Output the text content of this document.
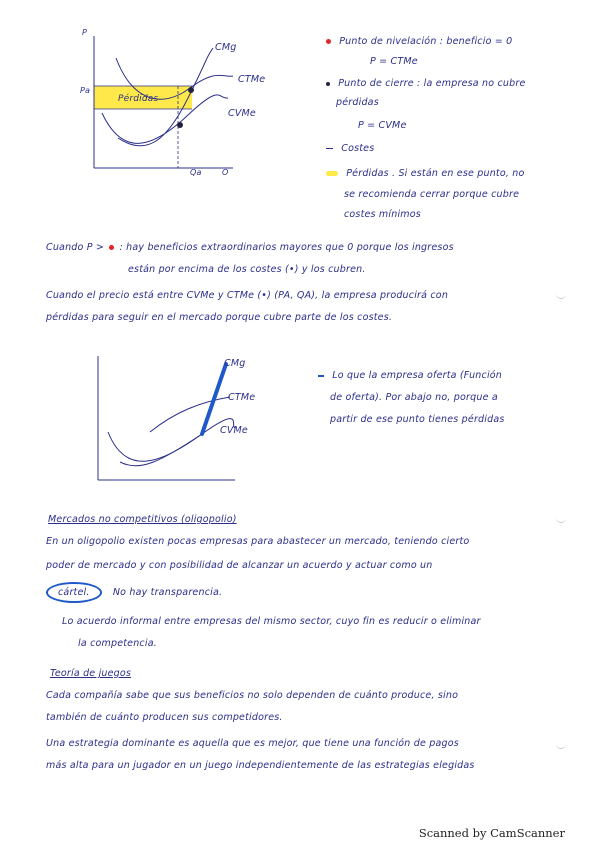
P
Pa
Qa	O
CMg
CTMe
CVMe
Pérdidas
Punto de nivelación : beneficio = 0
P = CTMe
Punto de cierre : la empresa no cubre
pérdidas
P = CVMe
Costes
Pérdidas . Si están en ese punto, no
se recomienda cerrar porque cubre
costes mínimos
Cuando P > : hay beneficios extraordinarios mayores que 0 porque los ingresos
están por encima de los costes (•) y los cubren.
Cuando el precio está entre CVMe y CTMe (•) (PA, QA), la empresa producirá con
pérdidas para seguir en el mercado porque cubre parte de los costes.
CMg
CTMe
CVMe
Lo que la empresa oferta (Función
de oferta). Por abajo no, porque a
partir de ese punto tienes pérdidas
Mercados no competitivos (oligopolio)
En un oligopolio existen pocas empresas para abastecer un mercado, teniendo cierto
poder de mercado y con posibilidad de alcanzar un acuerdo y actuar como un
cártel. No hay transparencia.
Lo acuerdo informal entre empresas del mismo sector, cuyo fin es reducir o eliminar
la competencia.
Teoría de juegos
Cada compañía sabe que sus beneficios no solo dependen de cuánto produce, sino
también de cuánto producen sus competidores.
Una estrategia dominante es aquella que es mejor, que tiene una función de pagos
más alta para un jugador en un juego independientemente de las estrategias elegidas
Scanned by CamScanner
